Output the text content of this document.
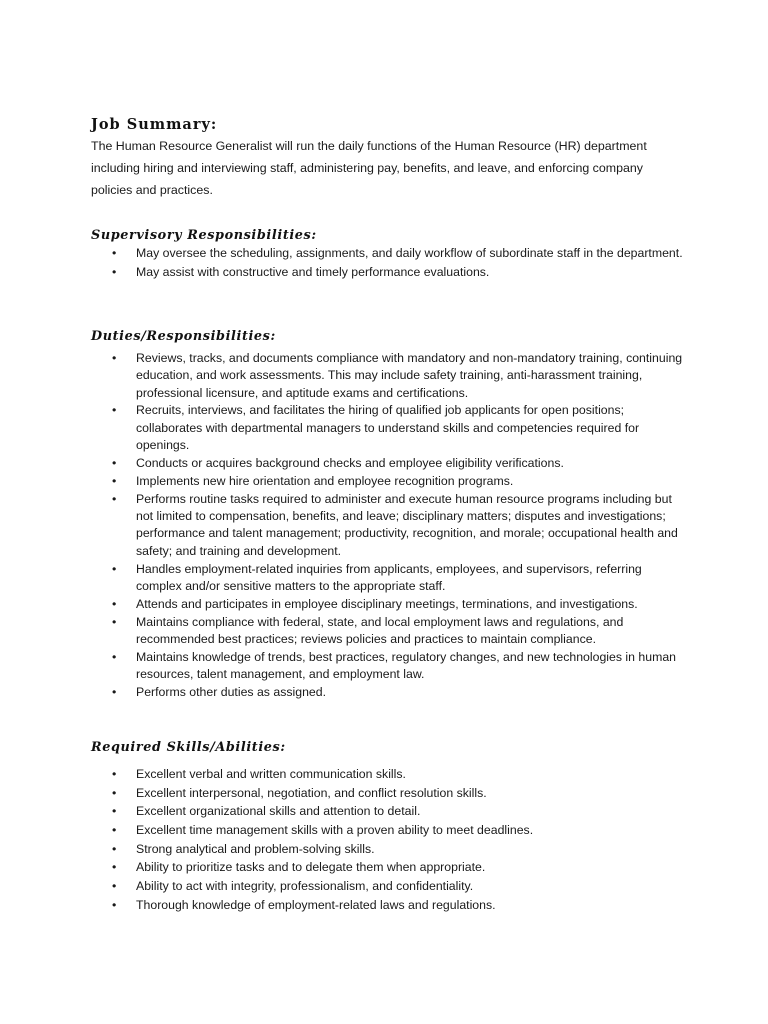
Job Summary:

The Human Resource Generalist will run the daily functions of the Human Resource (HR) department including hiring and interviewing staff, administering pay, benefits, and leave, and enforcing company policies and practices.

Supervisory Responsibilities:
• May oversee the scheduling, assignments, and daily workflow of subordinate staff in the department.
• May assist with constructive and timely performance evaluations.
Duties/Responsibilities:
• Reviews, tracks, and documents compliance with mandatory and non-mandatory training, continuing education, and work assessments. This may include safety training, anti-harassment training, professional licensure, and aptitude exams and certifications.
• Recruits, interviews, and facilitates the hiring of qualified job applicants for open positions; collaborates with departmental managers to understand skills and competencies required for openings.
• Conducts or acquires background checks and employee eligibility verifications.
• Implements new hire orientation and employee recognition programs.
• Performs routine tasks required to administer and execute human resource programs including but not limited to compensation, benefits, and leave; disciplinary matters; disputes and investigations; performance and talent management; productivity, recognition, and morale; occupational health and safety; and training and development.
• Handles employment-related inquiries from applicants, employees, and supervisors, referring complex and/or sensitive matters to the appropriate staff.
• Attends and participates in employee disciplinary meetings, terminations, and investigations.
• Maintains compliance with federal, state, and local employment laws and regulations, and recommended best practices; reviews policies and practices to maintain compliance.
• Maintains knowledge of trends, best practices, regulatory changes, and new technologies in human resources, talent management, and employment law.
• Performs other duties as assigned.
Required Skills/Abilities:
• Excellent verbal and written communication skills.
• Excellent interpersonal, negotiation, and conflict resolution skills.
• Excellent organizational skills and attention to detail.
• Excellent time management skills with a proven ability to meet deadlines.
• Strong analytical and problem-solving skills.
• Ability to prioritize tasks and to delegate them when appropriate.
• Ability to act with integrity, professionalism, and confidentiality.
• Thorough knowledge of employment-related laws and regulations.
